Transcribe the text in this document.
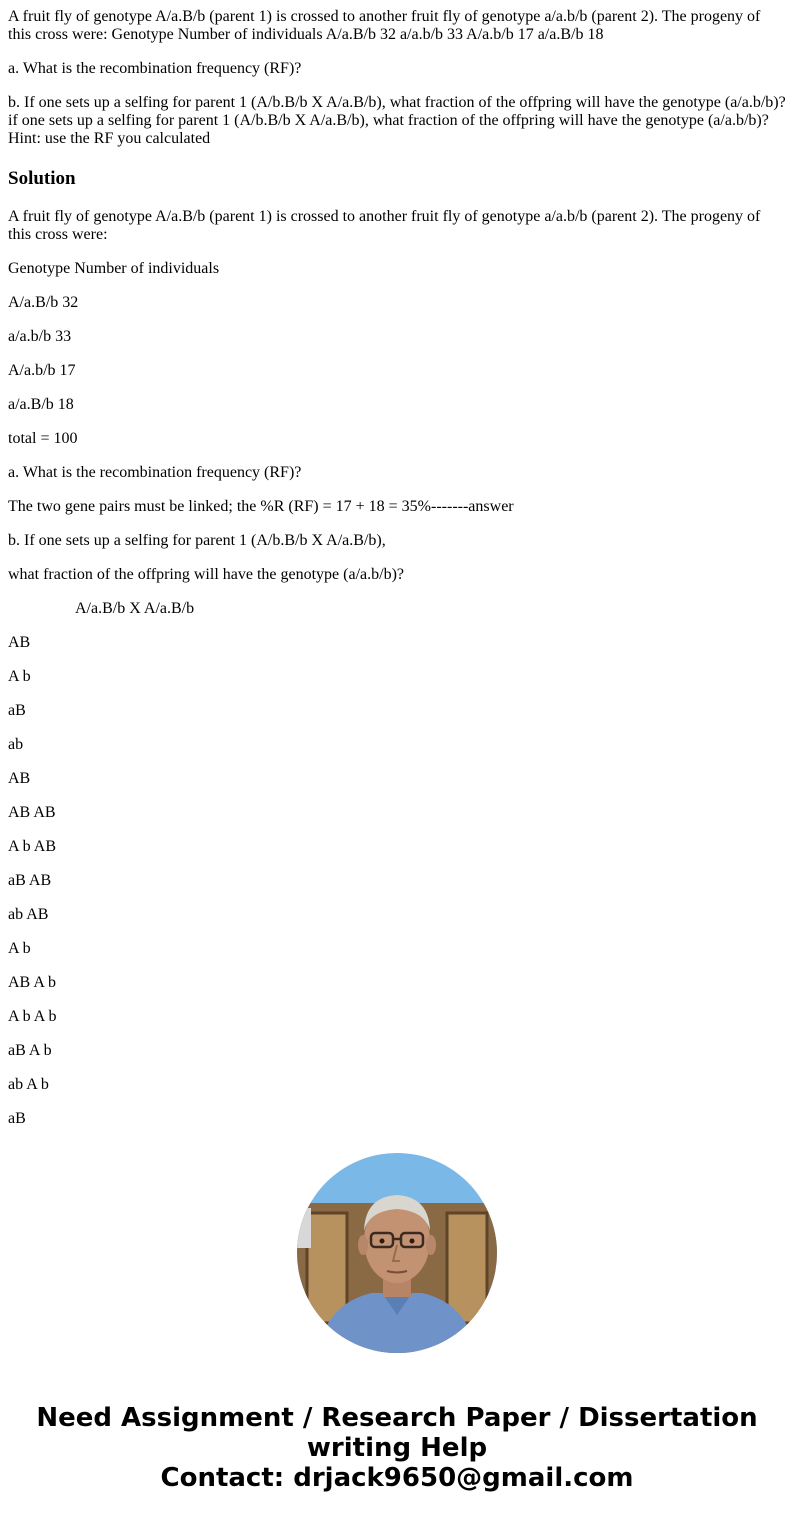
A fruit fly of genotype A/a.B/b (parent 1) is crossed to another fruit fly of genotype a/a.b/b (parent 2). The progeny of this cross were: Genotype Number of individuals A/a.B/b 32 a/a.b/b 33 A/a.b/b 17 a/a.B/b 18

a. What is the recombination frequency (RF)?

b. If one sets up a selfing for parent 1 (A/b.B/b X A/a.B/b), what fraction of the offpring will have the genotype (a/a.b/b)? if one sets up a selfing for parent 1 (A/b.B/b X A/a.B/b), what fraction of the offpring will have the genotype (a/a.b/b)? Hint: use the RF you calculated

Solution

A fruit fly of genotype A/a.B/b (parent 1) is crossed to another fruit fly of genotype a/a.b/b (parent 2). The progeny of this cross were:

Genotype Number of individuals

A/a.B/b 32

a/a.b/b 33

A/a.b/b 17

a/a.B/b 18

total = 100

a. What is the recombination frequency (RF)?

The two gene pairs must be linked; the %R (RF) = 17 + 18 = 35%-------answer

b. If one sets up a selfing for parent 1 (A/b.B/b X A/a.B/b),

what fraction of the offpring will have the genotype (a/a.b/b)?

A/a.B/b X A/a.B/b

AB

A b

aB

ab

AB

AB AB

A b AB

aB AB

ab AB

A b

AB A b

A b A b

aB A b

ab A b

aB

Need Assignment / Research Paper / Dissertation
writing Help
Contact: drjack9650@gmail.com
